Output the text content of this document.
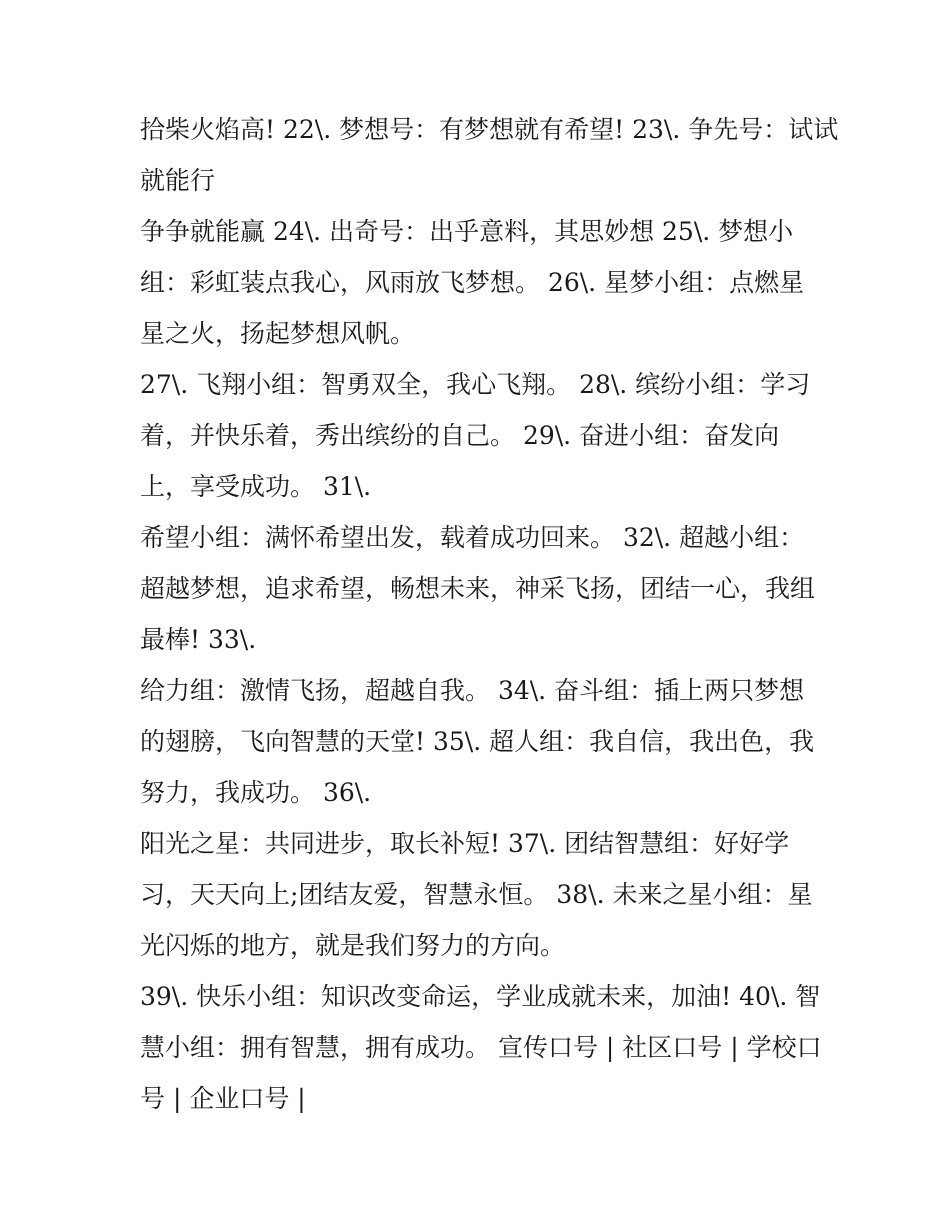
拾柴火焰高! 22\. 梦想号：有梦想就有希望! 23\. 争先号：试试
就能行
争争就能赢 24\. 出奇号：出乎意料，其思妙想 25\. 梦想小
组：彩虹装点我心，风雨放飞梦想。 26\. 星梦小组：点燃星
星之火，扬起梦想风帆。
27\. 飞翔小组：智勇双全，我心飞翔。 28\. 缤纷小组：学习
着，并快乐着，秀出缤纷的自己。 29\. 奋进小组：奋发向
上，享受成功。 31\.
希望小组：满怀希望出发，载着成功回来。 32\. 超越小组：
超越梦想，追求希望，畅想未来，神采飞扬，团结一心，我组
最棒! 33\.
给力组：激情飞扬，超越自我。 34\. 奋斗组：插上两只梦想
的翅膀，飞向智慧的天堂! 35\. 超人组：我自信，我出色，我
努力，我成功。 36\.
阳光之星：共同进步，取长补短! 37\. 团结智慧组：好好学
习，天天向上;团结友爱，智慧永恒。 38\. 未来之星小组：星
光闪烁的地方，就是我们努力的方向。
39\. 快乐小组：知识改变命运，学业成就未来，加油! 40\. 智
慧小组：拥有智慧，拥有成功。 宣传口号 | 社区口号 | 学校口
号 | 企业口号 |
